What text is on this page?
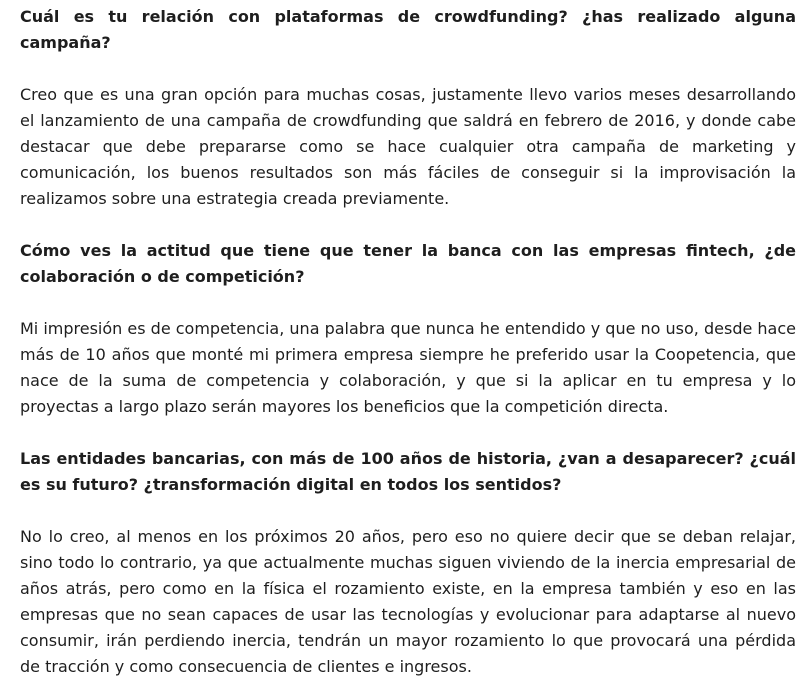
Cuál es tu relación con plataformas de crowdfunding? ¿has realizado alguna campaña?

Creo que es una gran opción para muchas cosas, justamente llevo varios meses desarrollando el lanzamiento de una campaña de crowdfunding que saldrá en febrero de 2016, y donde cabe destacar que debe prepararse como se hace cualquier otra campaña de marketing y comunicación, los buenos resultados son más fáciles de conseguir si la improvisación la realizamos sobre una estrategia creada previamente.

Cómo ves la actitud que tiene que tener la banca con las empresas fintech, ¿de colaboración o de competición?

Mi impresión es de competencia, una palabra que nunca he entendido y que no uso, desde hace más de 10 años que monté mi primera empresa siempre he preferido usar la Coopetencia, que nace de la suma de competencia y colaboración, y que si la aplicar en tu empresa y lo proyectas a largo plazo serán mayores los beneficios que la competición directa.

Las entidades bancarias, con más de 100 años de historia, ¿van a desaparecer? ¿cuál es su futuro? ¿transformación digital en todos los sentidos?

No lo creo, al menos en los próximos 20 años, pero eso no quiere decir que se deban relajar, sino todo lo contrario, ya que actualmente muchas siguen viviendo de la inercia empresarial de años atrás, pero como en la física el rozamiento existe, en la empresa también y eso en las empresas que no sean capaces de usar las tecnologías y evolucionar para adaptarse al nuevo consumir, irán perdiendo inercia, tendrán un mayor rozamiento lo que provocará una pérdida de tracción y como consecuencia de clientes e ingresos.
